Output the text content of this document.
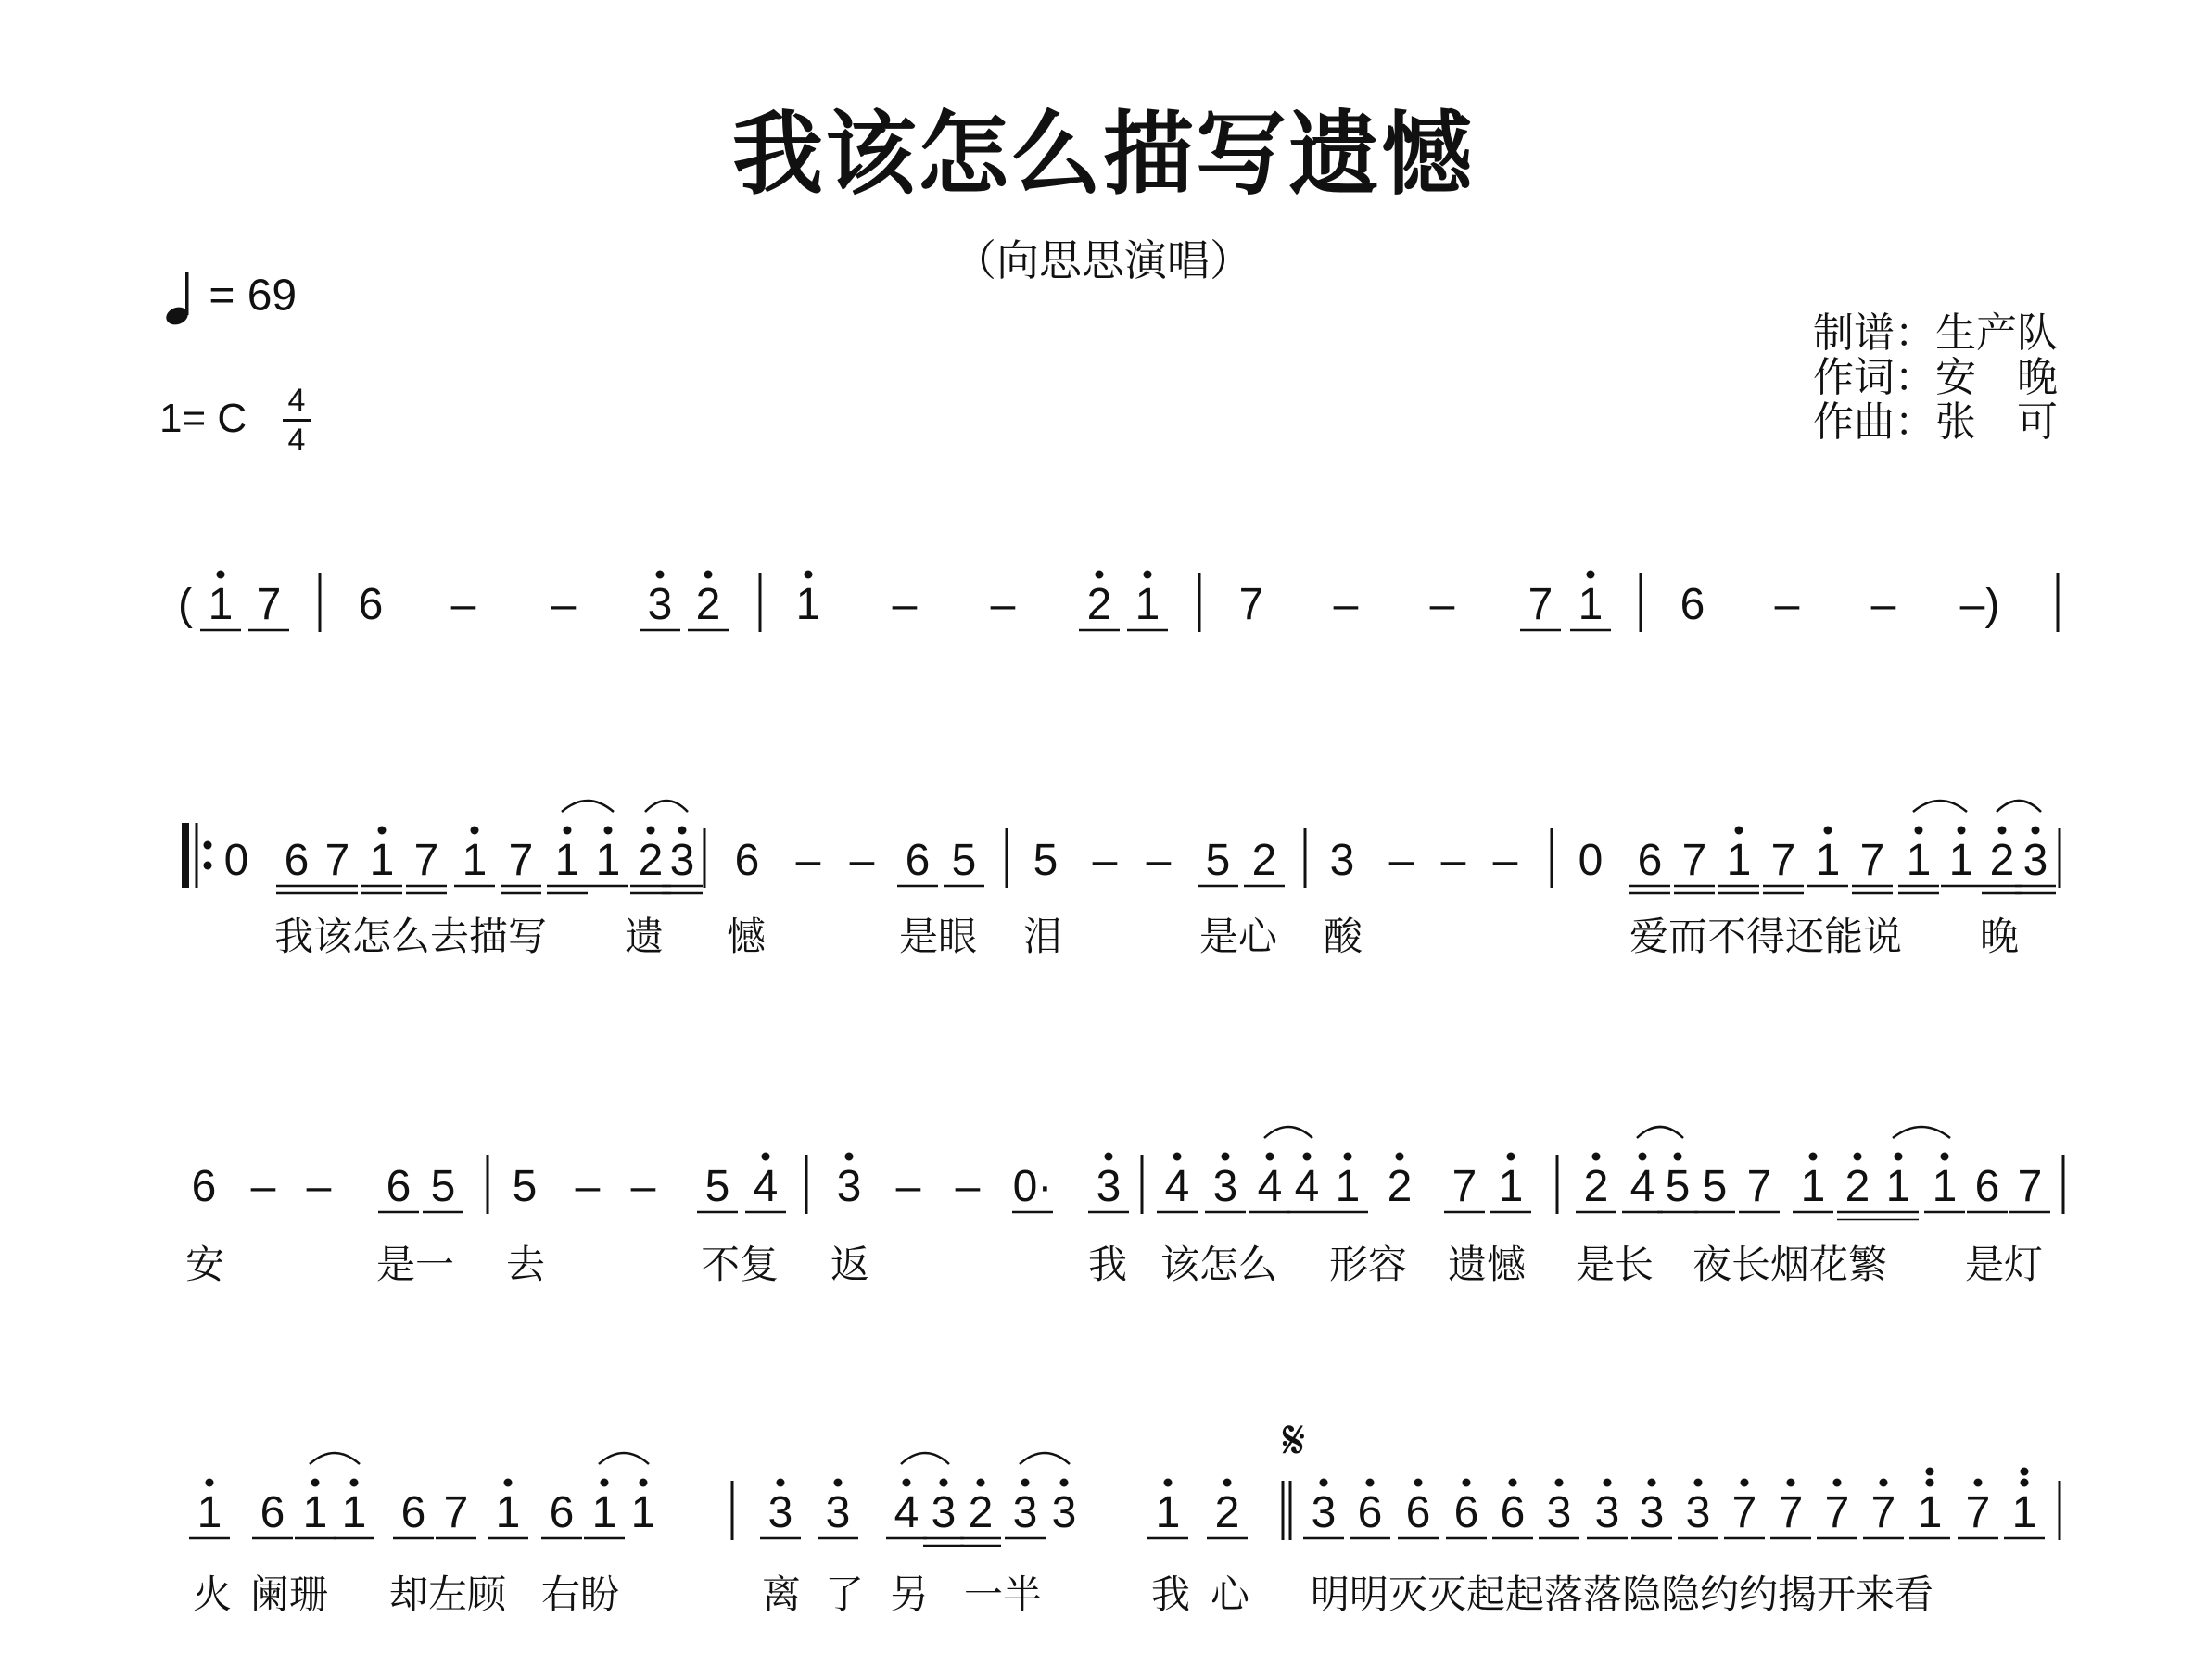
我该怎么描写遗憾
（向思思演唱）
= 69
1= C 4
4
制谱：生产队
作词：安　晚
作曲：张　可
( 1 7 6 – – 3 2 1 – – 2 1 7 – – 7 1 6 – – –)
0 6 7 1 7 1 7 1 1 2 3 6 – – 6 5 5 – – 5 2 3 – – – 0 6 7 1 7 1 7 1 1 2 3
6 – – 6 5 5 – – 5 4 3 – – 0· 3 4 3 4 4 1 2 7 1 2 4 5 5 7 1 2 1 1 6 7
1 6 1 1 6 7 1 6 1 1	3 3 4 3 2 3 3 1 2 3 6 6 6 6 3 3 3 3 7 7 7 7 1 7 1
𝄋
我该怎么去描写 遗 憾	是眼 泪	是心 酸	爱而不得还能说 晚
安	是一 去	不复 返	我 该怎么 形容 遗憾 是长 夜长烟花繁 是灯
火 阑珊 却左顾 右盼	离 了 另 一半	我 心 明明灭灭起起落落隐隐约约揭开来看
